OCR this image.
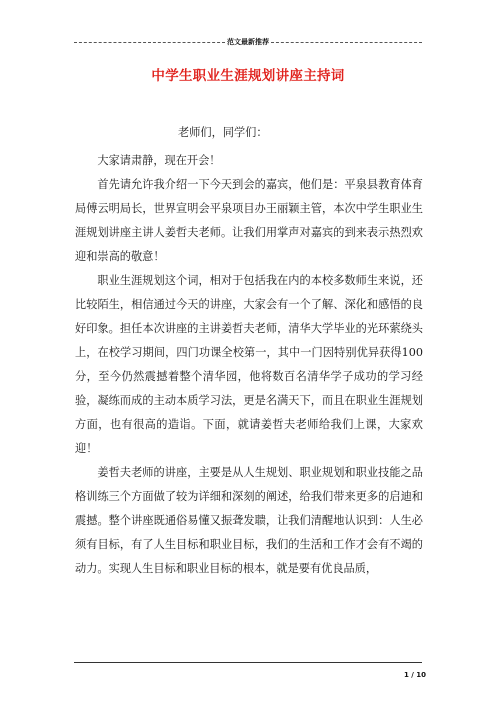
范文最新推荐
中学生职业生涯规划讲座主持词

老师们，同学们：

大家请肃静，现在开会！

首先请允许我介绍一下今天到会的嘉宾，他们是：平泉县教育体育局傅云明局长，世界宣明会平泉项目办王丽颖主管，本次中学生职业生涯规划讲座主讲人姜哲夫老师。让我们用掌声对嘉宾的到来表示热烈欢迎和崇高的敬意！

职业生涯规划这个词，相对于包括我在内的本校多数师生来说，还比较陌生，相信通过今天的讲座，大家会有一个了解、深化和感悟的良好印象。担任本次讲座的主讲姜哲夫老师，清华大学毕业的光环萦绕头上，在校学习期间，四门功课全校第一，其中一门因特别优异获得100分，至今仍然震撼着整个清华园，他将数百名清华学子成功的学习经验，凝练而成的主动本质学习法，更是名满天下，而且在职业生涯规划方面，也有很高的造诣。下面，就请姜哲夫老师给我们上课，大家欢迎！

姜哲夫老师的讲座，主要是从人生规划、职业规划和职业技能之品格训练三个方面做了较为详细和深刻的阐述，给我们带来更多的启迪和震撼。整个讲座既通俗易懂又振聋发聩，让我们清醒地认识到：人生必须有目标，有了人生目标和职业目标，我们的生活和工作才会有不竭的动力。实现人生目标和职业目标的根本，就是要有优良品质，

1 / 10
